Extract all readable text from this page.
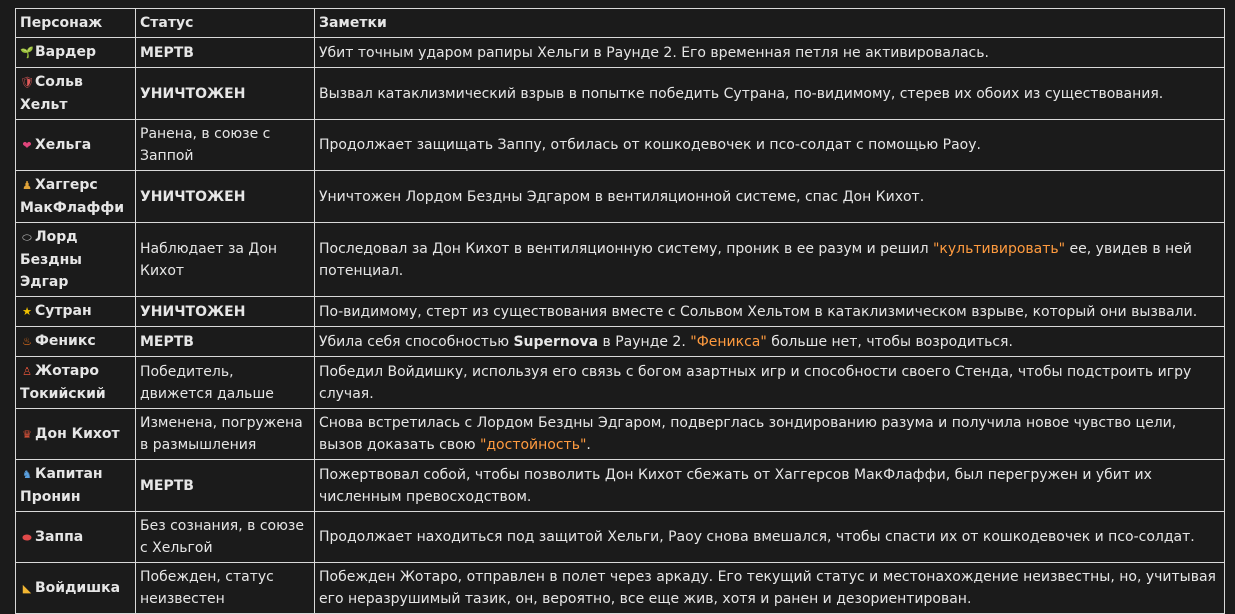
Персонаж	Статус	Заметки
🌱Вардер	МЕРТВ	Убит точным ударом рапиры Хельги в Раунде 2. Его временная петля не активировалась.
🛡Сольв Хельт	УНИЧТОЖЕН	Вызвал катаклизмический взрыв в попытке победить Сутрана, по-видимому, стерев их обоих из существования.
❤ Хельга	Ранена, в союзе с Заппой	Продолжает защищать Заппу, отбилась от кошкодевочек и псо-солдат с помощью Раоу.
♟ Хаггерс МакФлаффи	УНИЧТОЖЕН	Уничтожен Лордом Бездны Эдгаром в вентиляционной системе, спас Дон Кихот.
⬭ Лорд Бездны Эдгар	Наблюдает за Дон Кихот	Последовал за Дон Кихот в вентиляционную систему, проник в ее разум и решил "культивировать" ее, увидев в ней потенциал.
★ Сутран	УНИЧТОЖЕН	По-видимому, стерт из существования вместе с Сольвом Хельтом в катаклизмическом взрыве, который они вызвали.
♨ Феникс	МЕРТВ	Убила себя способностью Supernova в Раунде 2. "Феникса" больше нет, чтобы возродиться.
♙ Жотаро Токийский	Победитель, движется дальше	Победил Войдишку, используя его связь с богом азартных игр и способности своего Стенда, чтобы подстроить игру случая.
♛ Дон Кихот	Изменена, погружена в размышления	Снова встретилась с Лордом Бездны Эдгаром, подверглась зондированию разума и получила новое чувство цели, вызов доказать свою "достойность".
♞ Капитан Пронин	МЕРТВ	Пожертвовал собой, чтобы позволить Дон Кихот сбежать от Хаггерсов МакФлаффи, был перегружен и убит их численным превосходством.
⬬ Заппа	Без сознания, в союзе с Хельгой	Продолжает находиться под защитой Хельги, Раоу снова вмешался, чтобы спасти их от кошкодевочек и псо-солдат.
◣ Войдишка	Побежден, статус неизвестен	Побежден Жотаро, отправлен в полет через аркаду. Его текущий статус и местонахождение неизвестны, но, учитывая его неразрушимый тазик, он, вероятно, все еще жив, хотя и ранен и дезориентирован.
